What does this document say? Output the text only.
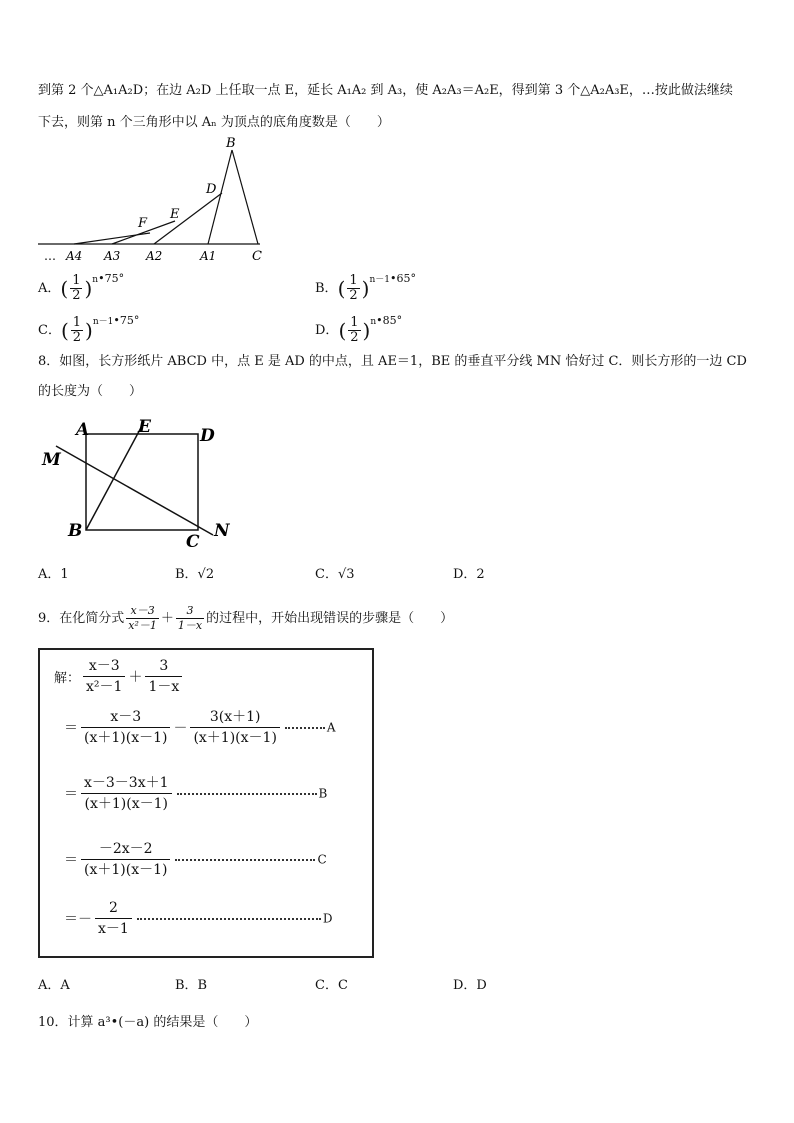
到第 2 个△A₁A₂D；在边 A₂D 上任取一点 E，延长 A₁A₂ 到 A₃，使 A₂A₃＝A₂E，得到第 3 个△A₂A₃E，…按此做法继续
下去，则第 n 个三角形中以 Aₙ 为顶点的底角度数是（　　）
B
D
E
F
… A4 A3 A2	A1	C
A．( $\frac{1}{2} )^{n•75^\circ}$
B．( $\frac{1}{2} )^{n-1•65^\circ}$
C．( $\frac{1}{2} )^{n-1•75^\circ}$
D．( $\frac{1}{2} )^{n•85^\circ}$
8．如图，长方形纸片 ABCD 中，点 E 是 AD 的中点，且 AE＝1，BE 的垂直平分线 MN 恰好过 C．则长方形的一边 CD
的长度为（　　）
A	E	D
M
B
C
N
A．1	B．√2	C．√3	D．2
9．在化简分式 $\frac{x-3}{\text{x²－1}} + \frac{3}{1-x}$ 的过程中，开始出现错误的步骤是（　　）
解： $\frac{x-3}{\text{x²－1}} + \frac{3}{1-x}$
＝ $\frac{x-3}{(x+1)(x-1)} - \frac{3(x+1)}{(x+1)(x-1)}$	A
＝ $\frac{x-3-3x+1}{(x+1)(x-1)}$	B
＝ $\frac{-2x-2}{(x+1)(x-1)}$	C
＝－ $\frac{2}{x-1}$	D
A．A	B．B	C．C	D．D
10．计算 a³•(－a) 的结果是（　　）
